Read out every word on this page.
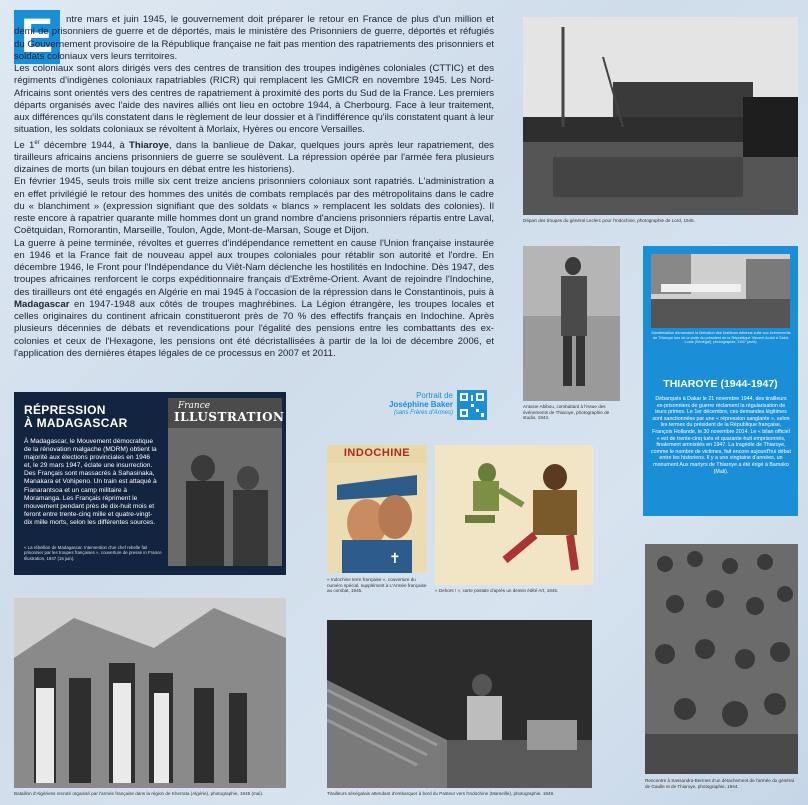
E	ntre mars et juin 1945, le gouvernement doit préparer le retour en France de plus d'un million et demi de prisonniers de guerre et de déportés, mais le ministère des Prisonniers de guerre, déportés et réfugiés du Gouvernement provisoire de la République française ne fait pas mention des rapatriements des prisonniers et soldats coloniaux vers leurs territoires.

Les coloniaux sont alors dirigés vers des centres de transition des troupes indigènes coloniales (CTTIC) et des régiments d'indigènes coloniaux rapatriables (RICR) qui remplacent les GMICR en novembre 1945. Les Nord-Africains sont orientés vers des centres de rapatriement à proximité des ports du Sud de la France. Les premiers départs organisés avec l'aide des navires alliés ont lieu en octobre 1944, à Cherbourg. Face à leur traitement, aux différences qu'ils constatent dans le règlement de leur dossier et à l'indifférence qu'ils constatent quant à leur situation, les soldats coloniaux se révoltent à Morlaix, Hyères ou encore Versailles.

Le 1er décembre 1944, à Thiaroye, dans la banlieue de Dakar, quelques jours après leur rapatriement, des tirailleurs africains anciens prisonniers de guerre se soulèvent. La répression opérée par l'armée fera plusieurs dizaines de morts (un bilan toujours en débat entre les historiens).

En février 1945, seuls trois mille six cent treize anciens prisonniers coloniaux sont rapatriés. L'administration a en effet privilégié le retour des hommes des unités de combats remplacés par des métropolitains dans le cadre du « blanchiment » (expression signifiant que des soldats « blancs » remplacent les soldats des colonies). Il reste encore à rapatrier quarante mille hommes dont un grand nombre d'anciens prisonniers répartis entre Laval, Coëtquidan, Romorantin, Marseille, Toulon, Agde, Mont-de-Marsan, Souge et Dijon.

La guerre à peine terminée, révoltes et guerres d'indépendance remettent en cause l'Union française instaurée en 1946 et la France fait de nouveau appel aux troupes coloniales pour rétablir son autorité et l'ordre. En décembre 1946, le Front pour l'Indépendance du Viêt-Nam déclenche les hostilités en Indochine. Dès 1947, des troupes africaines renforcent le corps expéditionnaire français d'Extrême-Orient. Avant de rejoindre l'Indochine, des tirailleurs ont été engagés en Algérie en mai 1945 à l'occasion de la répression dans le Constantinois, puis à Madagascar en 1947-1948 aux côtés de troupes maghrébines. La Légion étrangère, les troupes locales et celles originaires du continent africain constitueront près de 70 % des effectifs français en Indochine. Après plusieurs décennies de débats et revendications pour l'égalité des pensions entre les combattants des ex-colonies et ceux de l'Hexagone, les pensions ont été décristallisées à partir de la loi de décembre 2006, et l'application des dernières étapes légales de ce processus en 2007 et 2011.

Départ des troupes du général Leclerc pour l'Indochine, photographie de Lord, 1945.
Antoine Abibou, combattant à l'issue des événements de Thiaroye, photographie de studio, 1944.
Manifestation demandant la libération des tirailleurs détenus suite aux événements de Thiaroye lors de la visite du président de la République Vincent Auriol à Saint-Louis (Sénégal), photographie, 1947 (avril).
THIAROYE (1944-1947)
Débarqués à Dakar le 21 novembre 1944, des tirailleurs ex-prisonniers de guerre réclament la régularisation de leurs primes. Le 1er décembre, ces demandes légitimes sont sanctionnées par une « répression sanglante », selon les termes du président de la République française, François Hollande, le 30 novembre 2014. Le « bilan officiel » est de trente-cinq tués et quarante-huit emprisonnés, finalement amnistiés en 1947. La tragédie de Thiaroye, comme le nombre de victimes, fait encore aujourd'hui débat entre les historiens. Il y a une vingtaine d'années, un monument Aux martyrs de Thiaroye a été érigé à Bamako (Mali).
RÉPRESSION
À MADAGASCAR
À Madagascar, le Mouvement démocratique de la rénovation malgache (MDRM) obtient la majorité aux élections provinciales en 1946 et, le 29 mars 1947, éclate une insurrection. Des Français sont massacrés à Sahasinaka, Manakara et Vohipeno. Un train est attaqué à Fianarantsoa et un camp militaire à Moramanga. Les Français répriment le mouvement pendant près de dix-huit mois et feront entre trente-cinq mille et quatre-vingt-dix mille morts, selon les différentes sources.
« La rébellion de Madagascar. Intervention d'un chef rebelle fait prisonnier par les troupes françaises », couverture de presse in France Illustration, 1947 (15 juin).
France
ILLUSTRATION
Portrait de
Joséphine Baker
(sans Frères d'Armes)
✝
INDOCHINE
« Indochine terre française », couverture du numéro spécial, supplément à L'Armée française au combat, 1945.	« Dehors ! », carte postale d'après un dessin édité Art, 1945.
Rencontre à Sassandra-Bermes d'un détachement de l'armée du général de Gaulle et de Thiaroye, photographie, 1944.
Bataillon d'Algériens recruté organisé par l'armée française dans la région de Kherrata (Algérie), photographie, 1945 (mai).	Tirailleurs sénégalais attendant d'embarquer à bord du Pasteur vers l'Indochine (Marseille), photographie, 1949.
